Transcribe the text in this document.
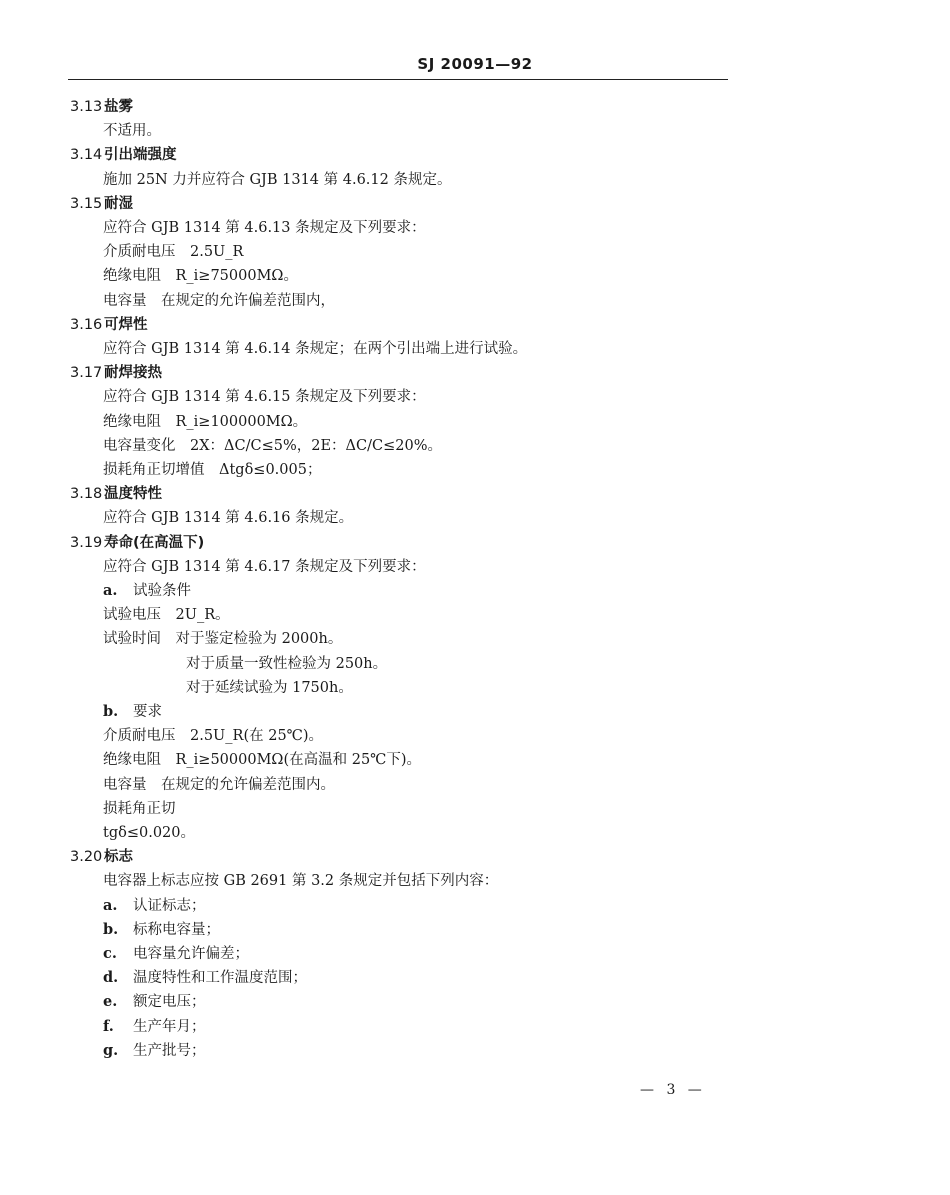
SJ 20091—92
3.13 盐雾
不适用。
3.14 引出端强度
施加 25N 力并应符合 GJB 1314 第 4.6.12 条规定。
3.15 耐湿
应符合 GJB 1314 第 4.6.13 条规定及下列要求：
介质耐电压　2.5U_R
绝缘电阻　R_i≥75000MΩ。
电容量　在规定的允许偏差范围内，
3.16 可焊性
应符合 GJB 1314 第 4.6.14 条规定；在两个引出端上进行试验。
3.17 耐焊接热
应符合 GJB 1314 第 4.6.15 条规定及下列要求：
绝缘电阻　R_i≥100000MΩ。
电容量变化　2X：ΔC/C≤5%，2E：ΔC/C≤20%。
损耗角正切增值　Δtgδ≤0.005；
3.18 温度特性
应符合 GJB 1314 第 4.6.16 条规定。
3.19 寿命(在高温下)
应符合 GJB 1314 第 4.6.17 条规定及下列要求：
a. 试验条件
试验电压　2U_R。
试验时间　对于鉴定检验为 2000h。
对于质量一致性检验为 250h。
对于延续试验为 1750h。
b. 要求
介质耐电压　2.5U_R(在 25℃)。
绝缘电阻　R_i≥50000MΩ(在高温和 25℃下)。
电容量　在规定的允许偏差范围内。
损耗角正切
tgδ≤0.020。
3.20 标志
电容器上标志应按 GB 2691 第 3.2 条规定并包括下列内容：
a. 认证标志；
b. 标称电容量；
c. 电容量允许偏差；
d. 温度特性和工作温度范围；
e. 额定电压；
f. 生产年月；
g. 生产批号；
— 3 —
